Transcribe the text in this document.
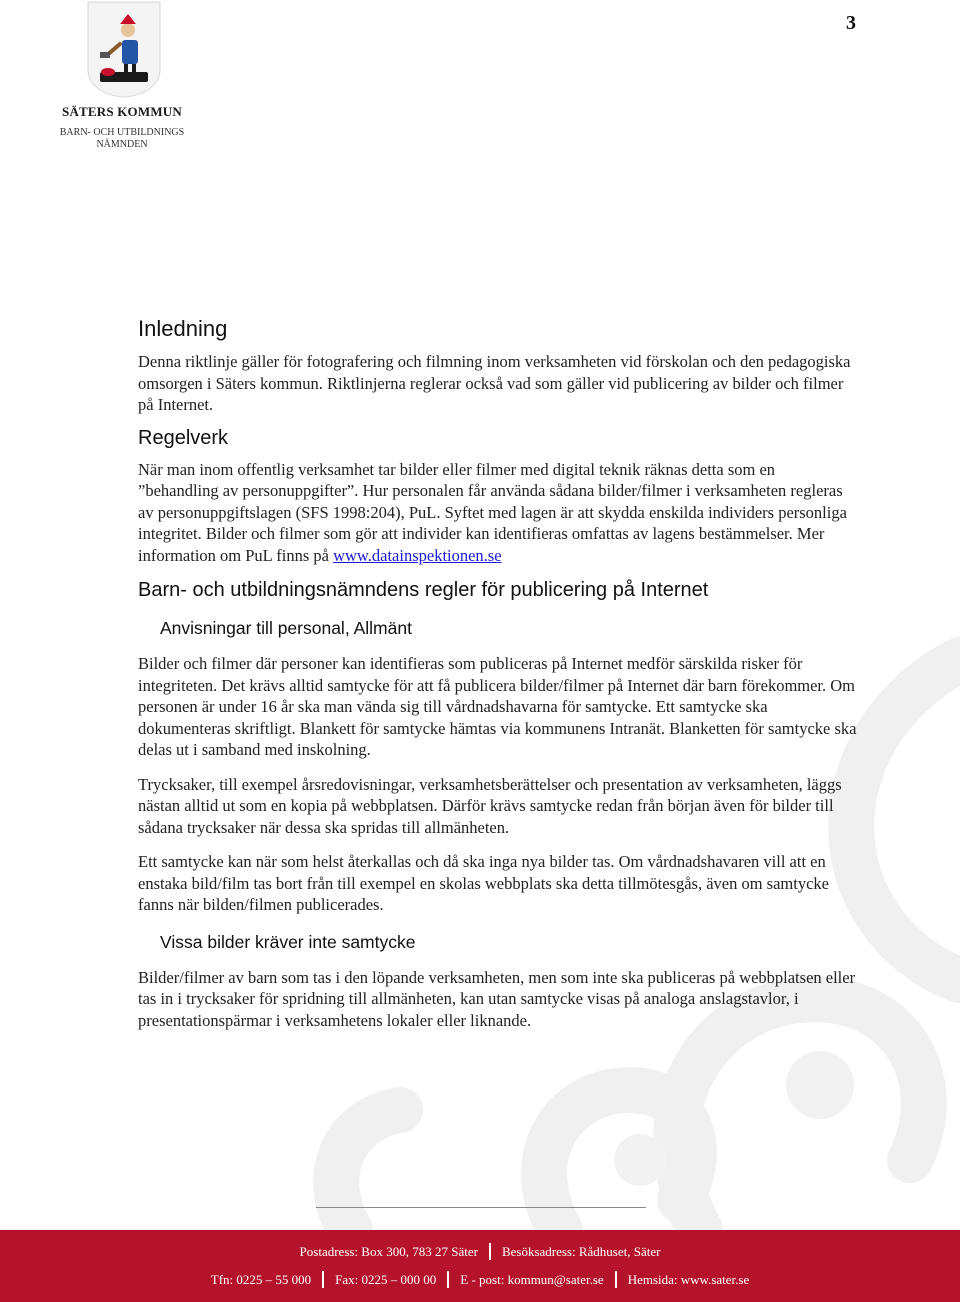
SÄTERS KOMMUN
BARN- OCH UTBILDNINGS NÄMNDEN
3
Inledning

Denna riktlinje gäller för fotografering och filmning inom verksamheten vid förskolan och den pedagogiska omsorgen i Säters kommun. Riktlinjerna reglerar också vad som gäller vid publicering av bilder och filmer på Internet.

Regelverk

När man inom offentlig verksamhet tar bilder eller filmer med digital teknik räknas detta som en ”behandling av personuppgifter”. Hur personalen får använda sådana bilder/filmer i verksamheten regleras av personuppgiftslagen (SFS 1998:204), PuL. Syftet med lagen är att skydda enskilda individers personliga integritet. Bilder och filmer som gör att individer kan identifieras omfattas av lagens bestämmelser. Mer information om PuL finns på www.datainspektionen.se

Barn- och utbildningsnämndens regler för publicering på Internet
Anvisningar till personal, Allmänt

Bilder och filmer där personer kan identifieras som publiceras på Internet medför särskilda risker för integriteten. Det krävs alltid samtycke för att få publicera bilder/filmer på Internet där barn förekommer. Om personen är under 16 år ska man vända sig till vårdnadshavarna för samtycke. Ett samtycke ska dokumenteras skriftligt. Blankett för samtycke hämtas via kommunens Intranät. Blanketten för samtycke ska delas ut i samband med inskolning.

Trycksaker, till exempel årsredovisningar, verksamhetsberättelser och presentation av verksamheten, läggs nästan alltid ut som en kopia på webbplatsen. Därför krävs samtycke redan från början även för bilder till sådana trycksaker när dessa ska spridas till allmänheten.

Ett samtycke kan när som helst återkallas och då ska inga nya bilder tas. Om vårdnadshavaren vill att en enstaka bild/film tas bort från till exempel en skolas webbplats ska detta tillmötesgås, även om samtycke fanns när bilden/filmen publicerades.

Vissa bilder kräver inte samtycke

Bilder/filmer av barn som tas i den löpande verksamheten, men som inte ska publiceras på webbplatsen eller tas in i trycksaker för spridning till allmänheten, kan utan samtycke visas på analoga anslagstavlor, i presentationspärmar i verksamhetens lokaler eller liknande.

Postadress: Box 300, 783 27 Säter Besöksadress: Rådhuset, Säter
Tfn: 0225 – 55 000 Fax: 0225 – 000 00 E - post: kommun@sater.se Hemsida: www.sater.se
